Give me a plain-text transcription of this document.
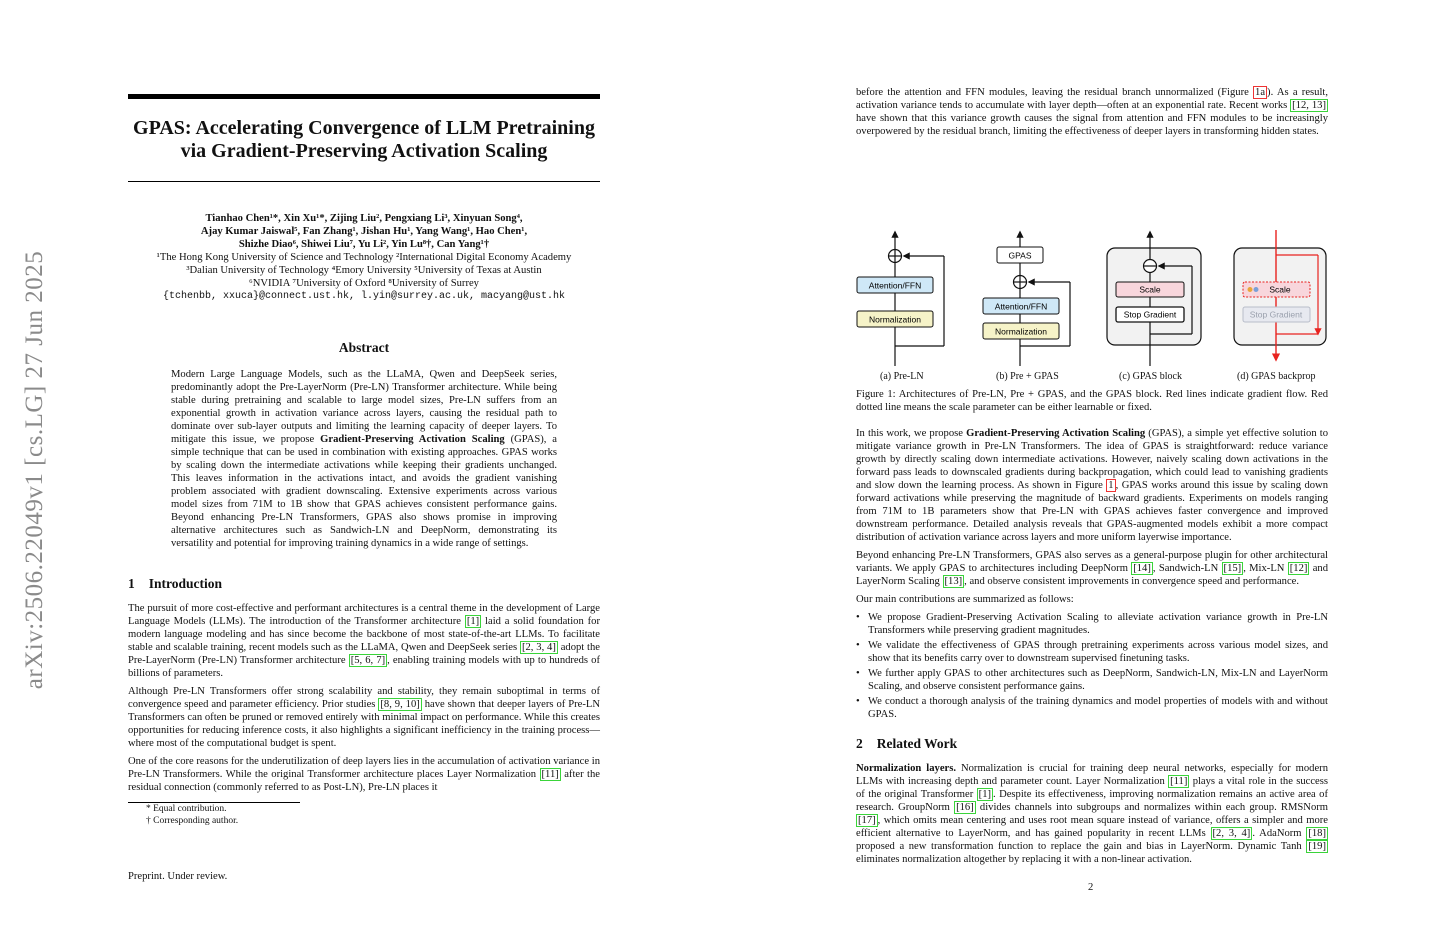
arXiv:2506.22049v1 [cs.LG] 27 Jun 2025
GPAS: Accelerating Convergence of LLM Pretraining
via Gradient-Preserving Activation Scaling
Tianhao Chen¹*, Xin Xu¹*, Zijing Liu², Pengxiang Li³, Xinyuan Song⁴,
Ajay Kumar Jaiswal⁵, Fan Zhang¹, Jishan Hu¹, Yang Wang¹, Hao Chen¹,
Shizhe Diao⁶, Shiwei Liu⁷, Yu Li², Yin Lu⁸†, Can Yang¹†
¹The Hong Kong University of Science and Technology ²International Digital Economy Academy
³Dalian University of Technology ⁴Emory University ⁵University of Texas at Austin
⁶NVIDIA ⁷University of Oxford ⁸University of Surrey
{tchenbb, xxuca}@connect.ust.hk, l.yin@surrey.ac.uk, macyang@ust.hk
Abstract
Modern Large Language Models, such as the LLaMA, Qwen and DeepSeek series, predominantly adopt the Pre-LayerNorm (Pre-LN) Transformer architecture. While being stable during pretraining and scalable to large model sizes, Pre-LN suffers from an exponential growth in activation variance across layers, causing the residual path to dominate over sub-layer outputs and limiting the learning capacity of deeper layers. To mitigate this issue, we propose Gradient-Preserving Activation Scaling (GPAS), a simple technique that can be used in combination with existing approaches. GPAS works by scaling down the intermediate activations while keeping their gradients unchanged. This leaves information in the activations intact, and avoids the gradient vanishing problem associated with gradient downscaling. Extensive experiments across various model sizes from 71M to 1B show that GPAS achieves consistent performance gains. Beyond enhancing Pre-LN Transformers, GPAS also shows promise in improving alternative architectures such as Sandwich-LN and DeepNorm, demonstrating its versatility and potential for improving training dynamics in a wide range of settings.
1 Introduction

The pursuit of more cost-effective and performant architectures is a central theme in the development of Large Language Models (LLMs). The introduction of the Transformer architecture [1] laid a solid foundation for modern language modeling and has since become the backbone of most state-of-the-art LLMs. To facilitate stable and scalable training, recent models such as the LLaMA, Qwen and DeepSeek series [2, 3, 4] adopt the Pre-LayerNorm (Pre-LN) Transformer architecture [5, 6, 7] , enabling training models with up to hundreds of billions of parameters.

Although Pre-LN Transformers offer strong scalability and stability, they remain suboptimal in terms of convergence speed and parameter efficiency. Prior studies [8, 9, 10] have shown that deeper layers of Pre-LN Transformers can often be pruned or removed entirely with minimal impact on performance. While this creates opportunities for reducing inference costs, it also highlights a significant inefficiency in the training process—where most of the computational budget is spent.

One of the core reasons for the underutilization of deep layers lies in the accumulation of activation variance in Pre-LN Transformers. While the original Transformer architecture places Layer Normalization [11] after the residual connection (commonly referred to as Post-LN), Pre-LN places it

* Equal contribution.
† Corresponding author.
Preprint. Under review.
2

before the attention and FFN modules, leaving the residual branch unnormalized (Figure 1a ). As a result, activation variance tends to accumulate with layer depth—often at an exponential rate. Recent works [12, 13] have shown that this variance growth causes the signal from attention and FFN modules to be increasingly overpowered by the residual branch, limiting the effectiveness of deeper layers in transforming hidden states.

Attention/FFN
Normalization
GPAS
Attention/FFN
Normalization
Scale
Stop Gradient
Scale
Stop Gradient
(a) Pre-LN	(b) Pre + GPAS	(c) GPAS block	(d) GPAS backprop
Figure 1: Architectures of Pre-LN, Pre + GPAS, and the GPAS block. Red lines indicate gradient flow. Red dotted line means the scale parameter can be either learnable or fixed.

In this work, we propose Gradient-Preserving Activation Scaling (GPAS), a simple yet effective solution to mitigate variance growth in Pre-LN Transformers. The idea of GPAS is straightforward: reduce variance growth by directly scaling down intermediate activations. However, naively scaling down activations in the forward pass leads to downscaled gradients during backpropagation, which could lead to vanishing gradients and slow down the learning process. As shown in Figure 1 , GPAS works around this issue by scaling down forward activations while preserving the magnitude of backward gradients. Experiments on models ranging from 71M to 1B parameters show that Pre-LN with GPAS achieves faster convergence and improved downstream performance. Detailed analysis reveals that GPAS-augmented models exhibit a more compact distribution of activation variance across layers and more uniform layerwise importance.

Beyond enhancing Pre-LN Transformers, GPAS also serves as a general-purpose plugin for other architectural variants. We apply GPAS to architectures including DeepNorm [14] , Sandwich-LN [15] , Mix-LN [12] and LayerNorm Scaling [13] , and observe consistent improvements in convergence speed and performance.

Our main contributions are summarized as follows:

• We propose Gradient-Preserving Activation Scaling to alleviate activation variance growth in Pre-LN Transformers while preserving gradient magnitudes.
• We validate the effectiveness of GPAS through pretraining experiments across various model sizes, and show that its benefits carry over to downstream supervised finetuning tasks.
• We further apply GPAS to other architectures such as DeepNorm, Sandwich-LN, Mix-LN and LayerNorm Scaling, and observe consistent performance gains.
• We conduct a thorough analysis of the training dynamics and model properties of models with and without GPAS.
2 Related Work

Normalization layers. Normalization is crucial for training deep neural networks, especially for modern LLMs with increasing depth and parameter count. Layer Normalization [11] plays a vital role in the success of the original Transformer [1] . Despite its effectiveness, improving normalization remains an active area of research. GroupNorm [16] divides channels into subgroups and normalizes within each group. RMSNorm [17] , which omits mean centering and uses root mean square instead of variance, offers a simpler and more efficient alternative to LayerNorm, and has gained popularity in recent LLMs [2, 3, 4] . AdaNorm [18] proposed a new transformation function to replace the gain and bias in LayerNorm. Dynamic Tanh [19] eliminates normalization altogether by replacing it with a non-linear activation.
